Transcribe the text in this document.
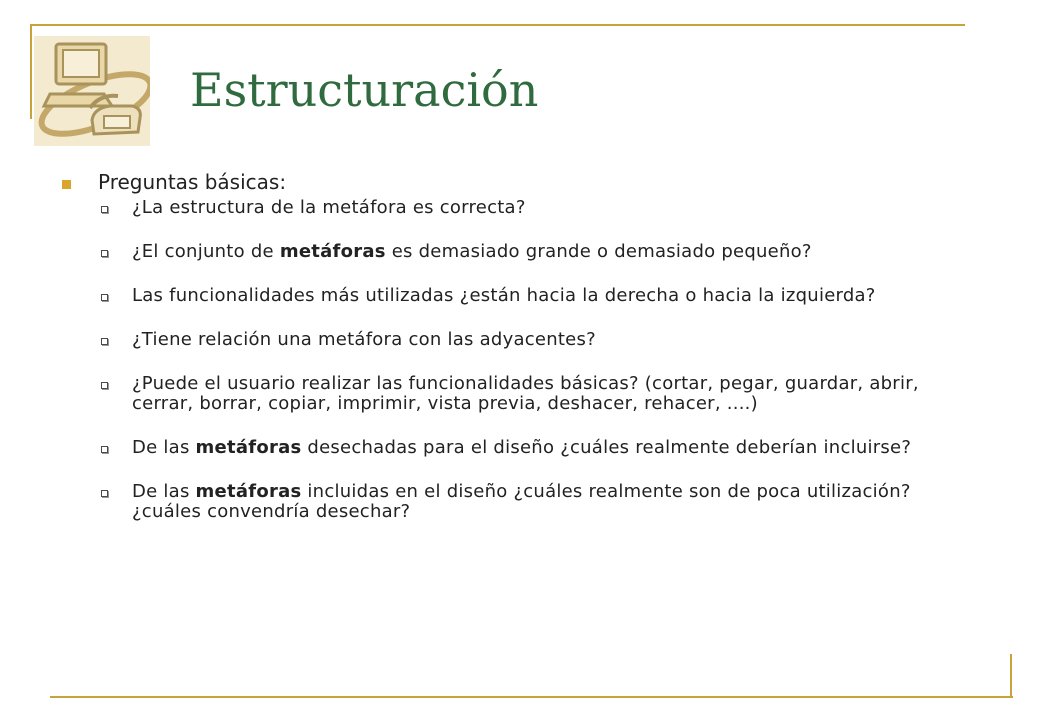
Estructuración
Preguntas básicas:
¿La estructura de la metáfora es correcta?
¿El conjunto de metáforas es demasiado grande o demasiado pequeño?
Las funcionalidades más utilizadas ¿están hacia la derecha o hacia la izquierda?
¿Tiene relación una metáfora con las adyacentes?
¿Puede el usuario realizar las funcionalidades básicas? (cortar, pegar, guardar, abrir, cerrar, borrar, copiar, imprimir, vista previa, deshacer, rehacer, ....)
De las metáforas desechadas para el diseño ¿cuáles realmente deberían incluirse?
De las metáforas incluidas en el diseño ¿cuáles realmente son de poca utilización? ¿cuáles convendría desechar?
